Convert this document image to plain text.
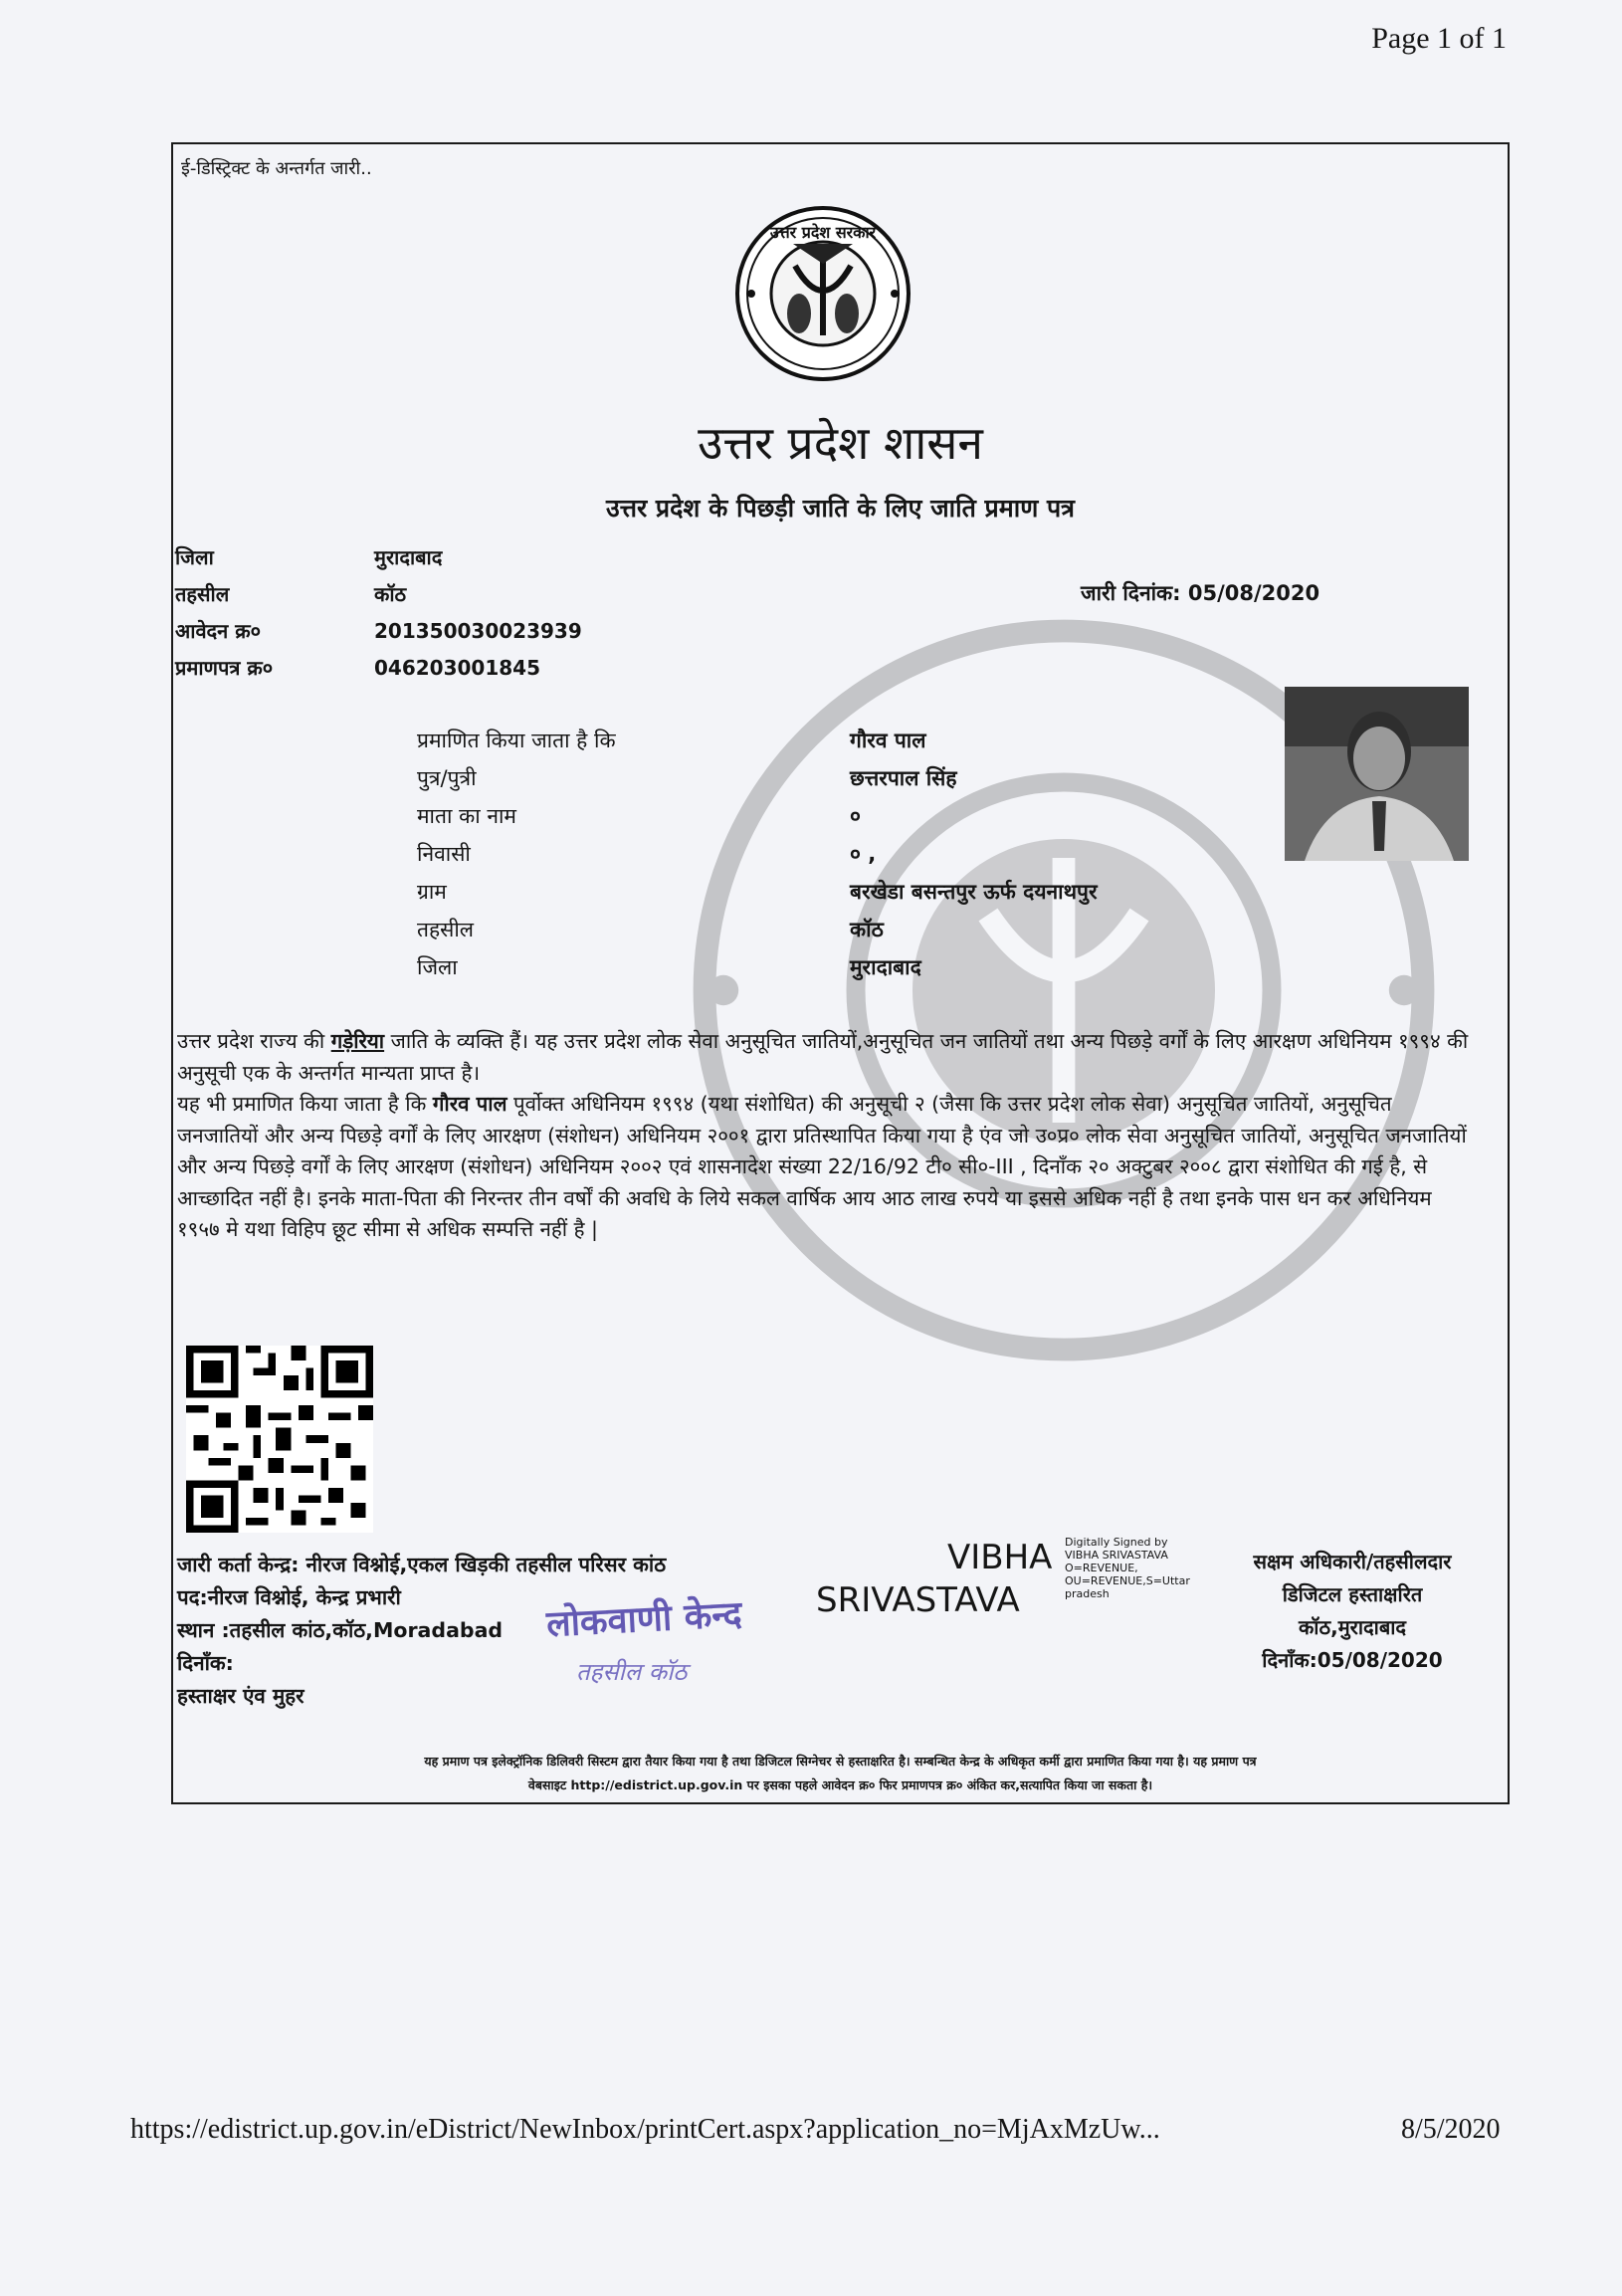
Page 1 of 1
ई-डिस्ट्रिक्ट के अन्तर्गत जारी..
उत्तर प्रदेश सरकार
उत्तर प्रदेश शासन
उत्तर प्रदेश के पिछड़ी जाति के लिए जाति प्रमाण पत्र
जिला	मुरादाबाद
तहसील	कॉठ
आवेदन क्र०	201350030023939
प्रमाणपत्र क्र०	046203001845
जारी दिनांक: 05/08/2020
प्रमाणित किया जाता है कि	गौरव पाल
पुत्र/पुत्री	छत्तरपाल सिंह
माता का नाम	०
निवासी	० ,
ग्राम	बरखेडा बसन्तपुर ऊर्फ दयनाथपुर
तहसील	कॉठ
जिला	मुरादाबाद
उत्तर प्रदेश राज्य की गड़ेरिया जाति के व्यक्ति हैं। यह उत्तर प्रदेश लोक सेवा अनुसूचित जातियों,अनुसूचित जन जातियों तथा अन्य पिछड़े वर्गों के लिए आरक्षण अधिनियम १९९४ की अनुसूची एक के अन्तर्गत मान्यता प्राप्त है।
यह भी प्रमाणित किया जाता है कि गौरव पाल पूर्वोक्त अधिनियम १९९४ (यथा संशोधित) की अनुसूची २ (जैसा कि उत्तर प्रदेश लोक सेवा) अनुसूचित जातियों, अनुसूचित जनजातियों और अन्य पिछड़े वर्गों के लिए आरक्षण (संशोधन) अधिनियम २००१ द्वारा प्रतिस्थापित किया गया है एंव जो उ०प्र० लोक सेवा अनुसूचित जातियों, अनुसूचित जनजातियों और अन्य पिछड़े वर्गों के लिए आरक्षण (संशोधन) अधिनियम २००२ एवं शासनादेश संख्या 22/16/92 टी० सी०-III , दिनाँक २० अक्टुबर २००८ द्वारा संशोधित की गई है, से आच्छादित नहीं है। इनके माता-पिता की निरन्तर तीन वर्षों की अवधि के लिये सकल वार्षिक आय आठ लाख रुपये या इससे अधिक नहीं है तथा इनके पास धन कर अधिनियम १९५७ मे यथा विहिप छूट सीमा से अधिक सम्पत्ति नहीं है |
जारी कर्ता केन्द्र: नीरज विश्नोई,एकल खिड़की तहसील परिसर कांठ
पद:नीरज विश्नोई, केन्द्र प्रभारी
स्थान :तहसील कांठ,कॉठ,Moradabad
दिनाँक:
हस्ताक्षर एंव मुहर
लोकवाणी केन्द
तहसील कॉठ
VIBHA
SRIVASTAVA
Digitally Signed by
VIBHA SRIVASTAVA
O=REVENUE,
OU=REVENUE,S=Uttar
pradesh
सक्षम अधिकारी/तहसीलदार
डिजिटल हस्ताक्षरित
कॉठ,मुरादाबाद
दिनाँक:05/08/2020
यह प्रमाण पत्र इलेक्ट्रॉनिक डिलिवरी सिस्टम द्वारा तैयार किया गया है तथा डिजिटल सिग्नेचर से हस्ताक्षरित है। सम्बन्धित केन्द्र के अधिकृत कर्मी द्वारा प्रमाणित किया गया है। यह प्रमाण पत्र
वेबसाइट http://edistrict.up.gov.in पर इसका पहले आवेदन क्र० फिर प्रमाणपत्र क्र० अंकित कर,सत्यापित किया जा सकता है।
https://edistrict.up.gov.in/eDistrict/NewInbox/printCert.aspx?application_no=MjAxMzUw...	8/5/2020
